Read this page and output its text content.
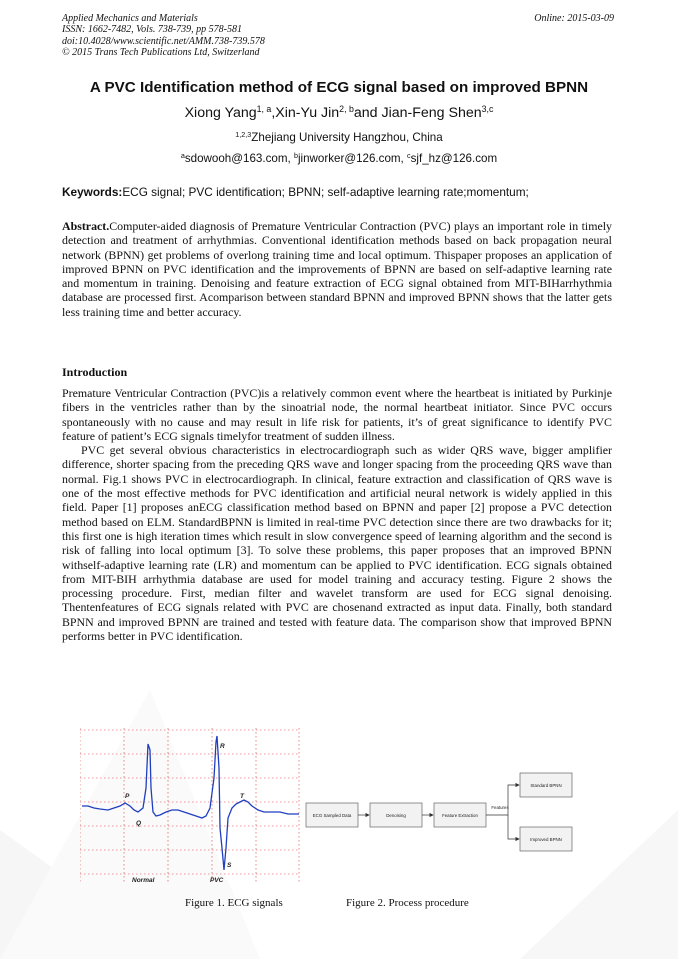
Applied Mechanics and Materials
ISSN: 1662-7482, Vols. 738-739, pp 578-581
doi:10.4028/www.scientific.net/AMM.738-739.578
© 2015 Trans Tech Publications Ltd, Switzerland
Online: 2015-03-09
A PVC Identification method of ECG signal based on improved BPNN
Xiong Yang$^{1, a}$,Xin-Yu Jin$^{2, b}$and Jian-Feng Shen$^{3,c}$
$^{1,2,3}$Zhejiang University Hangzhou, China
$^a$sdowooh@163.com, $^b$jinworker@126.com, $^c$sjf_hz@126.com
Keywords:ECG signal; PVC identification; BPNN; self-adaptive learning rate;momentum;
Abstract.Computer-aided diagnosis of Premature Ventricular Contraction (PVC) plays an important role in timely detection and treatment of arrhythmias. Conventional identification methods based on back propagation neural network (BPNN) get problems of overlong training time and local optimum. Thispaper proposes an application of improved BPNN on PVC identification and the improvements of BPNN are based on self-adaptive learning rate and momentum in training. Denoising and feature extraction of ECG signal obtained from MIT-BIHarrhythmia database are processed first. Acomparison between standard BPNN and improved BPNN shows that the latter gets less training time and better accuracy.
Introduction

Premature Ventricular Contraction (PVC)is a relatively common event where the heartbeat is initiated by Purkinje fibers in the ventricles rather than by the sinoatrial node, the normal heartbeat initiator. Since PVC occurs spontaneously with no cause and may result in life risk for patients, it’s of great significance to identify PVC feature of patient’s ECG signals timelyfor treatment of sudden illness.

PVC get several obvious characteristics in electrocardiograph such as wider QRS wave, bigger amplifier difference, shorter spacing from the preceding QRS wave and longer spacing from the proceeding QRS wave than normal. Fig.1 shows PVC in electrocardiograph. In clinical, feature extraction and classification of QRS wave is one of the most effective methods for PVC identification and artificial neural network is widely applied in this field. Paper [1] proposes anECG classification method based on BPNN and paper [2] propose a PVC detection method based on ELM. StandardBPNN is limited in real-time PVC detection since there are two drawbacks for it; this first one is high iteration times which result in slow convergence speed of learning algorithm and the second is risk of falling into local optimum [3]. To solve these problems, this paper proposes that an improved BPNN withself-adaptive learning rate (LR) and momentum can be applied to PVC identification. ECG signals obtained from MIT-BIH arrhythmia database are used for model training and accuracy testing. Figure 2 shows the processing procedure. First, median filter and wavelet transform are used for ECG signal denoising. Thentenfeatures of ECG signals related with PVC are chosenand extracted as input data. Finally, both standard BPNN and improved BPNN are trained and tested with feature data. The comparison show that improved BPNN performs better in PVC identification.

P
Q
R
S
T
Normal	PVC
Figure 1. ECG signals
ECG Sampled Data	Denoising	Feature Extraction
Standard BPNN
Improved BPNN
Features
Figure 2. Process procedure
